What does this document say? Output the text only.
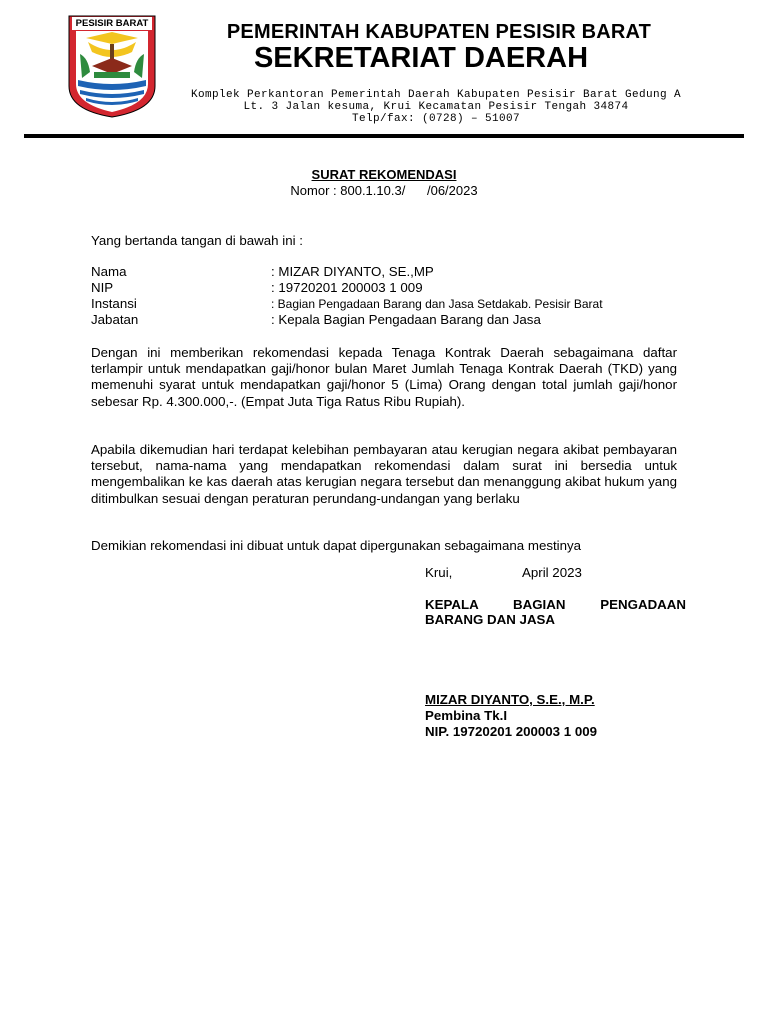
PESISIR BARAT	PEMERINTAH KABUPATEN PESISIR BARAT
SEKRETARIAT DAERAH
Komplek Perkantoran Pemerintah Daerah Kabupaten Pesisir Barat Gedung A
Lt. 3 Jalan kesuma, Krui Kecamatan Pesisir Tengah 34874
Telp/fax: (0728) – 51007
SURAT REKOMENDASI
Nomor : 800.1.10.3/      /06/2023
Yang bertanda tangan di bawah ini :
Nama	: MIZAR DIYANTO, SE.,MP
NIP	: 19720201 200003 1 009
Instansi	: Bagian Pengadaan Barang dan Jasa Setdakab. Pesisir Barat
Jabatan	: Kepala Bagian Pengadaan Barang dan Jasa
Dengan ini memberikan rekomendasi kepada Tenaga Kontrak Daerah sebagaimana daftar terlampir untuk mendapatkan gaji/honor bulan Maret Jumlah Tenaga Kontrak Daerah (TKD) yang memenuhi syarat untuk mendapatkan gaji/honor 5 (Lima) Orang dengan total jumlah gaji/honor sebesar Rp. 4.300.000,-. (Empat Juta Tiga Ratus Ribu Rupiah).
Apabila dikemudian hari terdapat kelebihan pembayaran atau kerugian negara akibat pembayaran tersebut, nama-nama yang mendapatkan rekomendasi dalam surat ini bersedia untuk mengembalikan ke kas daerah atas kerugian negara tersebut dan menanggung akibat hukum yang ditimbulkan sesuai dengan peraturan perundang-undangan yang berlaku
Demikian rekomendasi ini dibuat untuk dapat dipergunakan sebagaimana mestinya
Krui,	April 2023
KEPALA BAGIAN PENGADAAN
BARANG DAN JASA
MIZAR DIYANTO, S.E., M.P.
Pembina Tk.I
NIP. 19720201 200003 1 009
